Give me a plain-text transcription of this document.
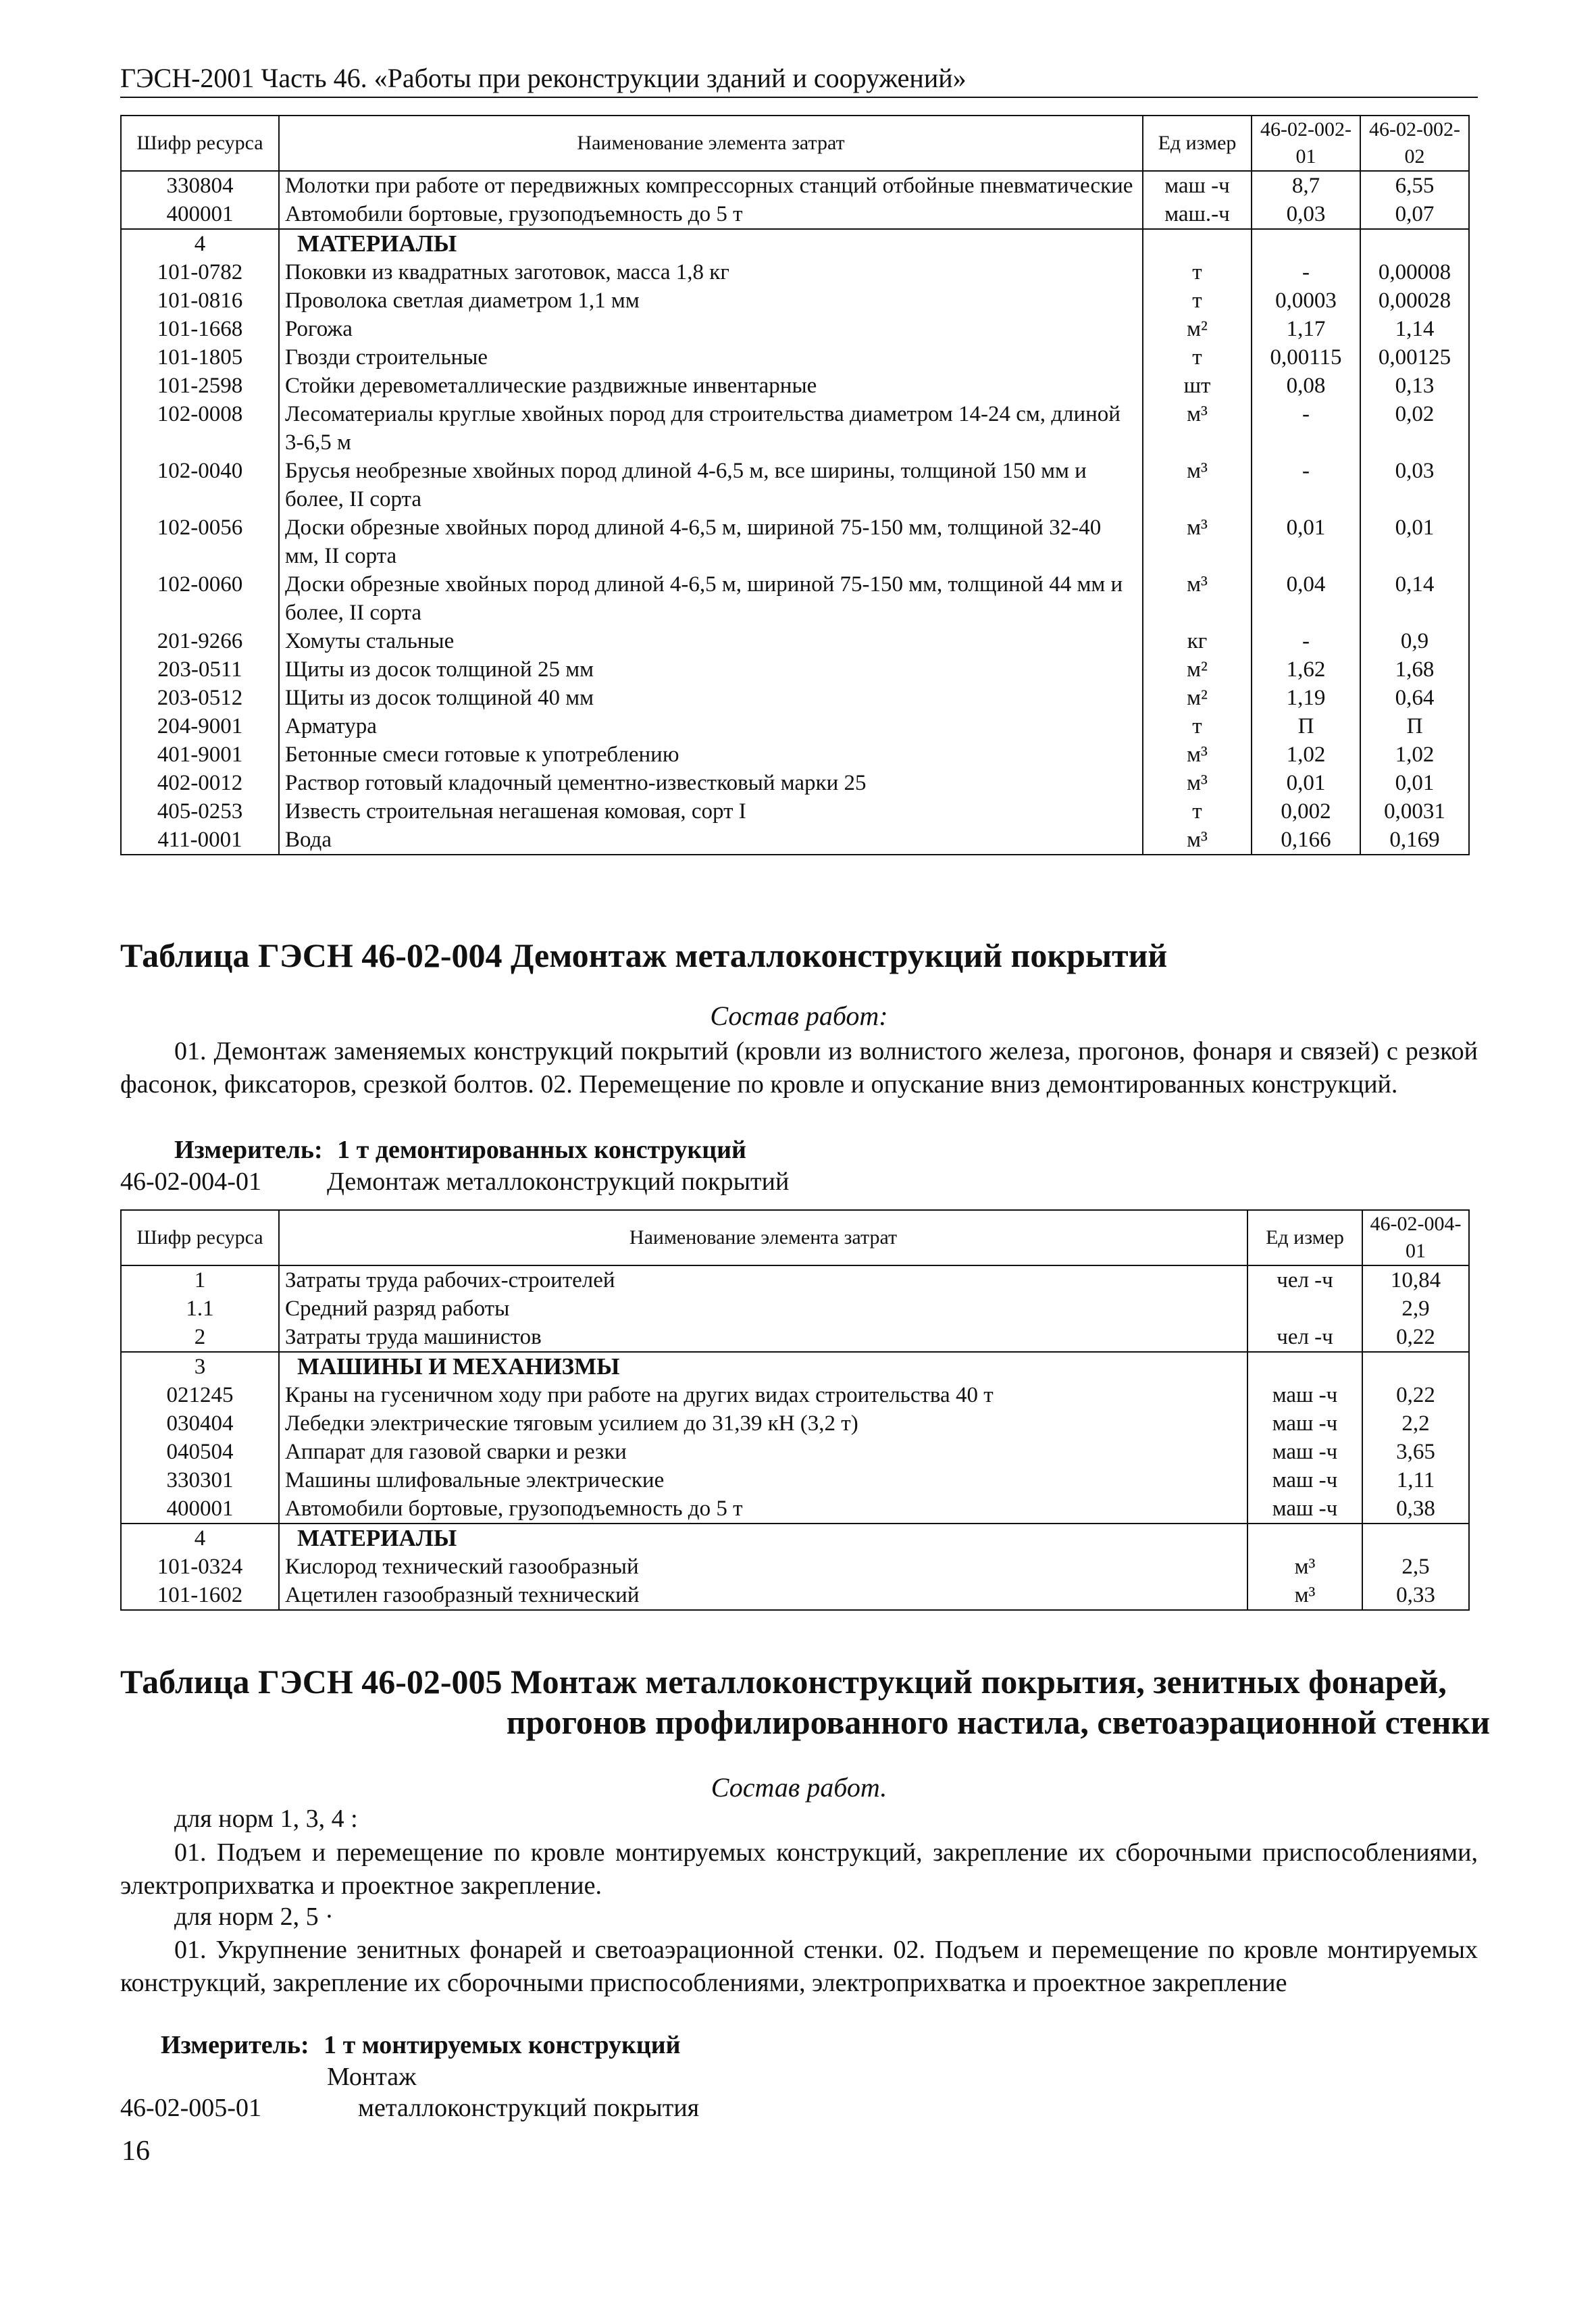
ГЭСН-2001 Часть 46. «Работы при реконструкции зданий и сооружений»
Шифр ресурса	Наименование элемента затрат	Ед измер	46-02-002-01	46-02-002-02
330804	Молотки при работе от передвижных компрессорных станций отбойные пневматические	маш -ч	8,7	6,55
400001	Автомобили бортовые, грузоподъемность до 5 т	маш.-ч	0,03	0,07
4	МАТЕРИАЛЫ			
101-0782	Поковки из квадратных заготовок, масса 1,8 кг	т	-	0,00008
101-0816	Проволока светлая диаметром 1,1 мм	т	0,0003	0,00028
101-1668	Рогожа	м²	1,17	1,14
101-1805	Гвозди строительные	т	0,00115	0,00125
101-2598	Стойки деревометаллические раздвижные инвентарные	шт	0,08	0,13
102-0008	Лесоматериалы круглые хвойных пород для строительства диаметром 14-24 см, длиной 3-6,5 м	м³	-	0,02
102-0040	Брусья необрезные хвойных пород длиной 4-6,5 м, все ширины, толщиной 150 мм и более, II сорта	м³	-	0,03
102-0056	Доски обрезные хвойных пород длиной 4-6,5 м, шириной 75-150 мм, толщиной 32-40 мм, II сорта	м³	0,01	0,01
102-0060	Доски обрезные хвойных пород длиной 4-6,5 м, шириной 75-150 мм, толщиной 44 мм и более, II сорта	м³	0,04	0,14
201-9266	Хомуты стальные	кг	-	0,9
203-0511	Щиты из досок толщиной 25 мм	м²	1,62	1,68
203-0512	Щиты из досок толщиной 40 мм	м²	1,19	0,64
204-9001	Арматура	т	П	П
401-9001	Бетонные смеси готовые к употреблению	м³	1,02	1,02
402-0012	Раствор готовый кладочный цементно-известковый марки 25	м³	0,01	0,01
405-0253	Известь строительная негашеная комовая, сорт I	т	0,002	0,0031
411-0001	Вода	м³	0,166	0,169
Таблица ГЭСН 46-02-004 Демонтаж металлоконструкций покрытий
Состав работ:
01. Демонтаж заменяемых конструкций покрытий (кровли из волнистого железа, прогонов, фонаря и связей) с резкой фасонок, фиксаторов, срезкой болтов. 02. Перемещение по кровле и опускание вниз демонтированных конструкций.
Измеритель: 1 т демонтированных конструкций
46-02-004-01	Демонтаж металлоконструкций покрытий
Шифр ресурса	Наименование элемента затрат	Ед измер	46-02-004-01
1	Затраты труда рабочих-строителей	чел -ч	10,84
1.1	Средний разряд работы		2,9
2	Затраты труда машинистов	чел -ч	0,22
3	МАШИНЫ И МЕХАНИЗМЫ		
021245	Краны на гусеничном ходу при работе на других видах строительства 40 т	маш -ч	0,22
030404	Лебедки электрические тяговым усилием до 31,39 кН (3,2 т)	маш -ч	2,2
040504	Аппарат для газовой сварки и резки	маш -ч	3,65
330301	Машины шлифовальные электрические	маш -ч	1,11
400001	Автомобили бортовые, грузоподъемность до 5 т	маш -ч	0,38
4	МАТЕРИАЛЫ		
101-0324	Кислород технический газообразный	м³	2,5
101-1602	Ацетилен газообразный технический	м³	0,33
Таблица ГЭСН 46-02-005 Монтаж металлоконструкций покрытия, зенитных фонарей,
прогонов профилированного настила, светоаэрационной стенки
Состав работ.
для норм 1, 3, 4 :
01. Подъем и перемещение по кровле монтируемых конструкций, закрепление их сборочными приспособлениями, электроприхватка и проектное закрепление.
для норм 2, 5 ·
01. Укрупнение зенитных фонарей и светоаэрационной стенки. 02. Подъем и перемещение по кровле монтируемых конструкций, закрепление их сборочными приспособлениями, электроприхватка и проектное закрепление
Измеритель: 1 т монтируемых конструкций
Монтаж
46-02-005-01	металлоконструкций покрытия
16
